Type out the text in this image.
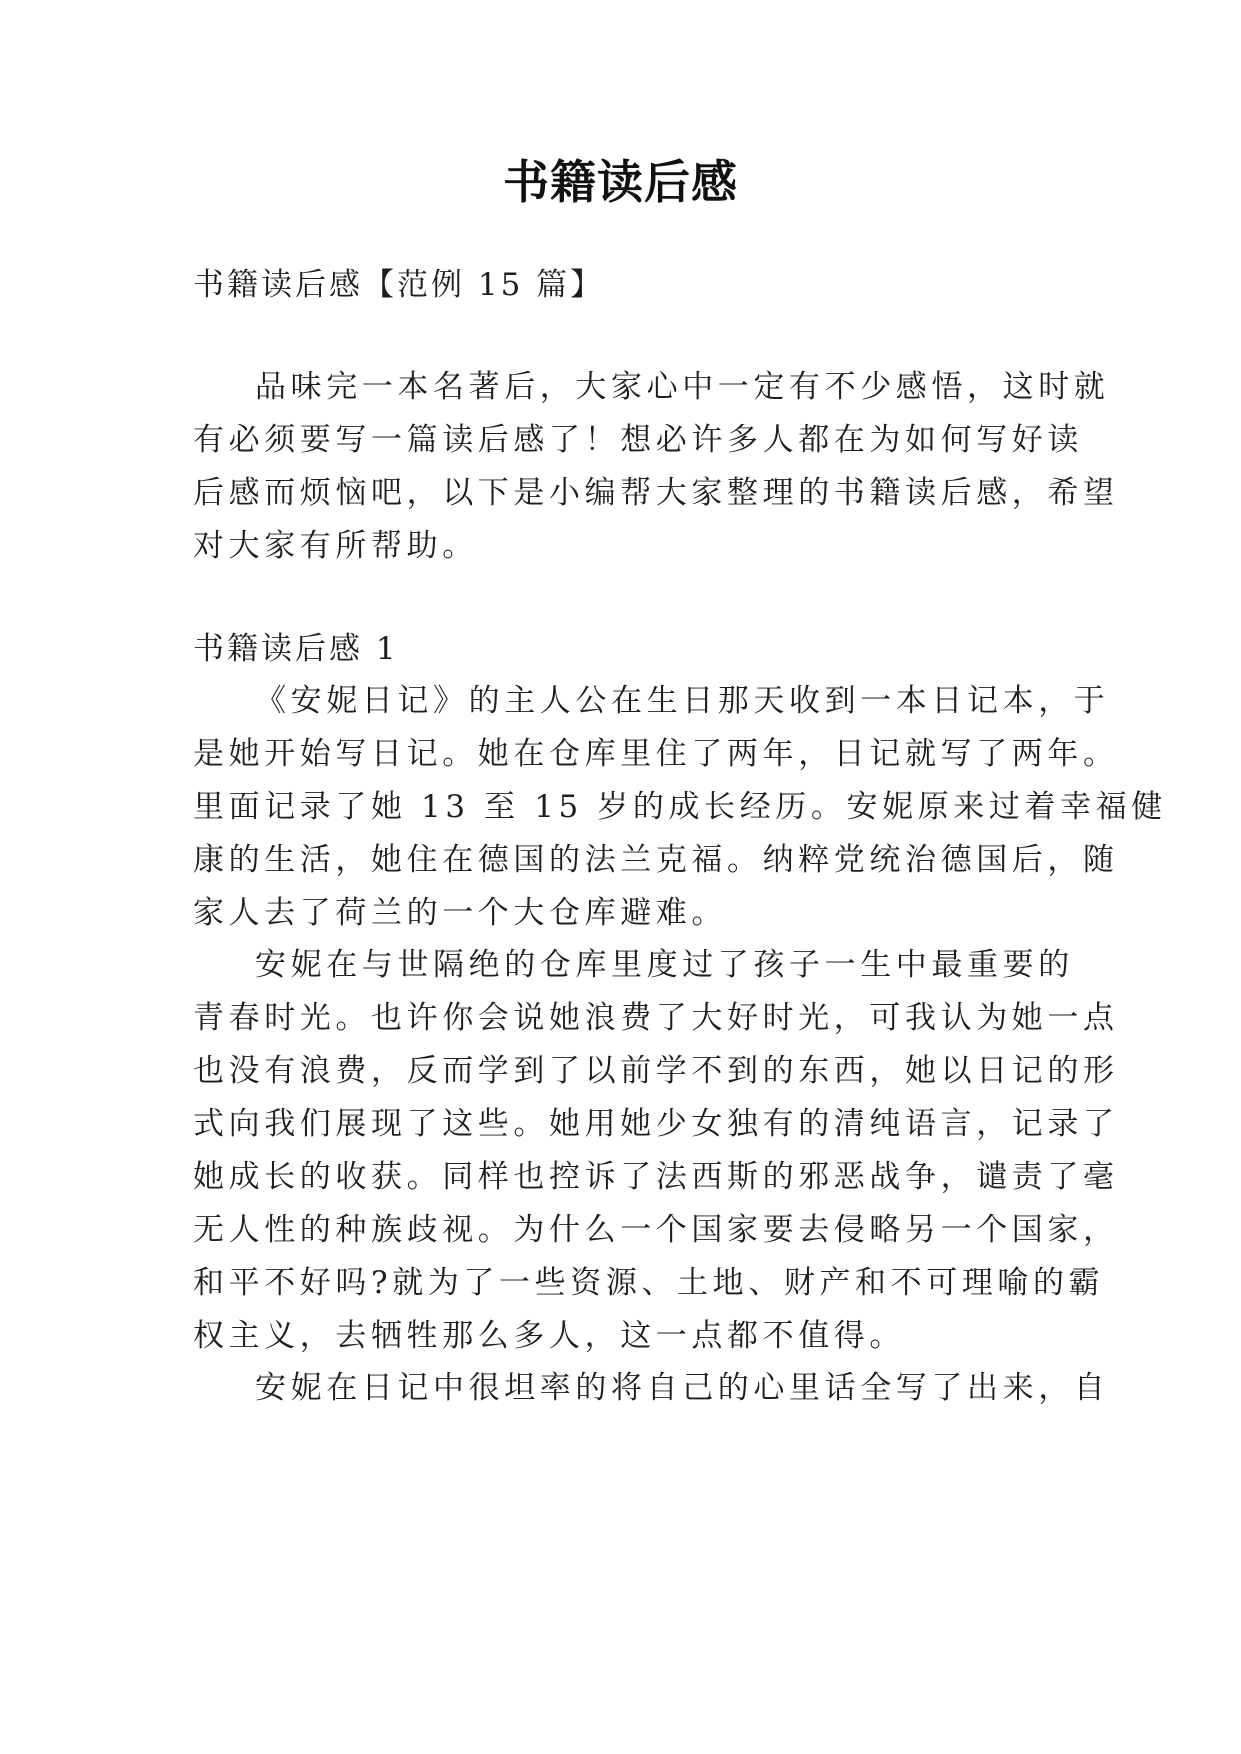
书籍读后感
书籍读后感【范例 15 篇】
品味完一本名著后，大家心中一定有不少感悟，这时就
有必须要写一篇读后感了！想必许多人都在为如何写好读
后感而烦恼吧，以下是小编帮大家整理的书籍读后感，希望
对大家有所帮助。
书籍读后感 1
《安妮日记》的主人公在生日那天收到一本日记本，于
是她开始写日记。她在仓库里住了两年，日记就写了两年。
里面记录了她 13 至 15 岁的成长经历。安妮原来过着幸福健
康的生活，她住在德国的法兰克福。纳粹党统治德国后，随
家人去了荷兰的一个大仓库避难。
安妮在与世隔绝的仓库里度过了孩子一生中最重要的
青春时光。也许你会说她浪费了大好时光，可我认为她一点
也没有浪费，反而学到了以前学不到的东西，她以日记的形
式向我们展现了这些。她用她少女独有的清纯语言，记录了
她成长的收获。同样也控诉了法西斯的邪恶战争，谴责了毫
无人性的种族歧视。为什么一个国家要去侵略另一个国家，
和平不好吗?就为了一些资源、土地、财产和不可理喻的霸
权主义，去牺牲那么多人，这一点都不值得。
安妮在日记中很坦率的将自己的心里话全写了出来，自
